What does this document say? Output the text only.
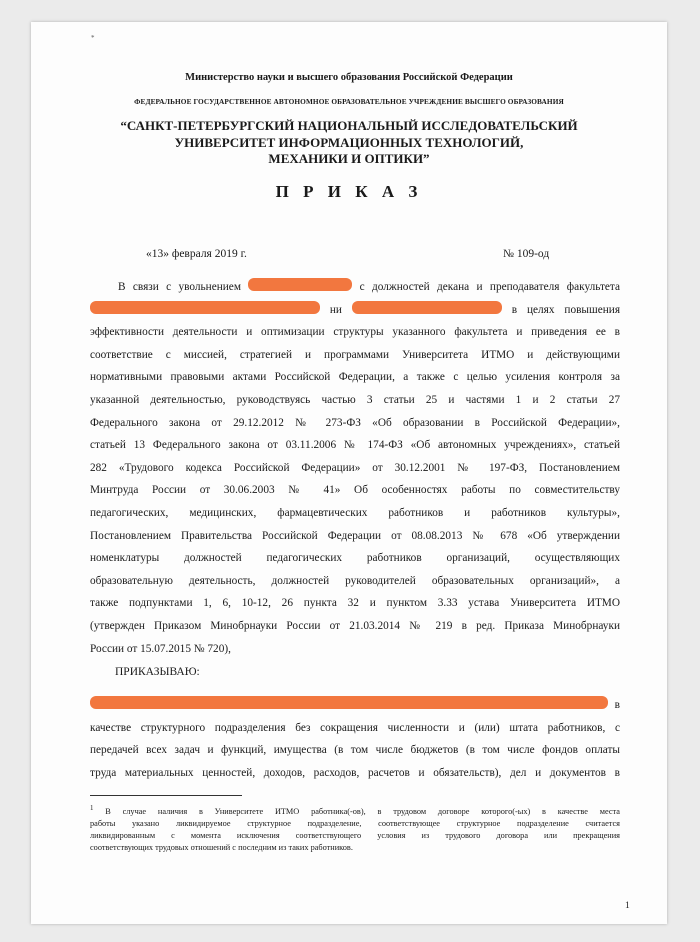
*
Министерство науки и высшего образования Российской Федерации
ФЕДЕРАЛЬНОЕ ГОСУДАРСТВЕННОЕ АВТОНОМНОЕ ОБРАЗОВАТЕЛЬНОЕ УЧРЕЖДЕНИЕ ВЫСШЕГО ОБРАЗОВАНИЯ
“САНКТ-ПЕТЕРБУРГСКИЙ НАЦИОНАЛЬНЫЙ ИССЛЕДОВАТЕЛЬСКИЙ
УНИВЕРСИТЕТ ИНФОРМАЦИОННЫХ ТЕХНОЛОГИЙ,
МЕХАНИКИ И ОПТИКИ”
П Р И К А З
«13» февраля 2019 г.	№ 109-од
В связи с увольнением	с должностей декана и преподавателя факультета
ни	в целях повышения
эффективности деятельности и оптимизации структуры указанного факультета и приведения ее в
соответствие с миссией, стратегией и программами Университета ИТМО и действующими
нормативными правовыми актами Российской Федерации, а также с целью усиления контроля за
указанной деятельностью, руководствуясь частью 3 статьи 25 и частями 1 и 2 статьи 27
Федерального закона от 29.12.2012 № 273-ФЗ «Об образовании в Российской Федерации»,
статьей 13 Федерального закона от 03.11.2006 № 174-ФЗ «Об автономных учреждениях», статьей
282 «Трудового кодекса Российской Федерации» от 30.12.2001 № 197-ФЗ, Постановлением
Минтруда России от 30.06.2003 № 41» Об особенностях работы по совместительству
педагогических, медицинских, фармацевтических работников и работников культуры»,
Постановлением Правительства Российской Федерации от 08.08.2013 № 678 «Об утверждении
номенклатуры должностей педагогических работников организаций, осуществляющих
образовательную деятельность, должностей руководителей образовательных организаций», а
также подпунктами 1, 6, 10-12, 26 пункта 32 и пунктом 3.33 устава Университета ИТМО
(утвержден Приказом Минобрнауки России от 21.03.2014 № 219 в ред. Приказа Минобрнауки
России от 15.07.2015 № 720),
ПРИКАЗЫВАЮ:
в
качестве структурного подразделения без сокращения численности и (или) штата работников, с
передачей всех задач и функций, имущества (в том числе бюджетов (в том числе фондов оплаты
труда материальных ценностей, доходов, расходов, расчетов и обязательств), дел и документов в
$^1$ В случае наличия в Университете ИТМО работника(-ов), в трудовом договоре которого(-ых) в качестве места
работы указано ликвидируемое структурное подразделение, соответствующее структурное подразделение считается
ликвидированным с момента исключения соответствующего условия из трудового договора или прекращения
соответствующих трудовых отношений с последним из таких работников.
1
